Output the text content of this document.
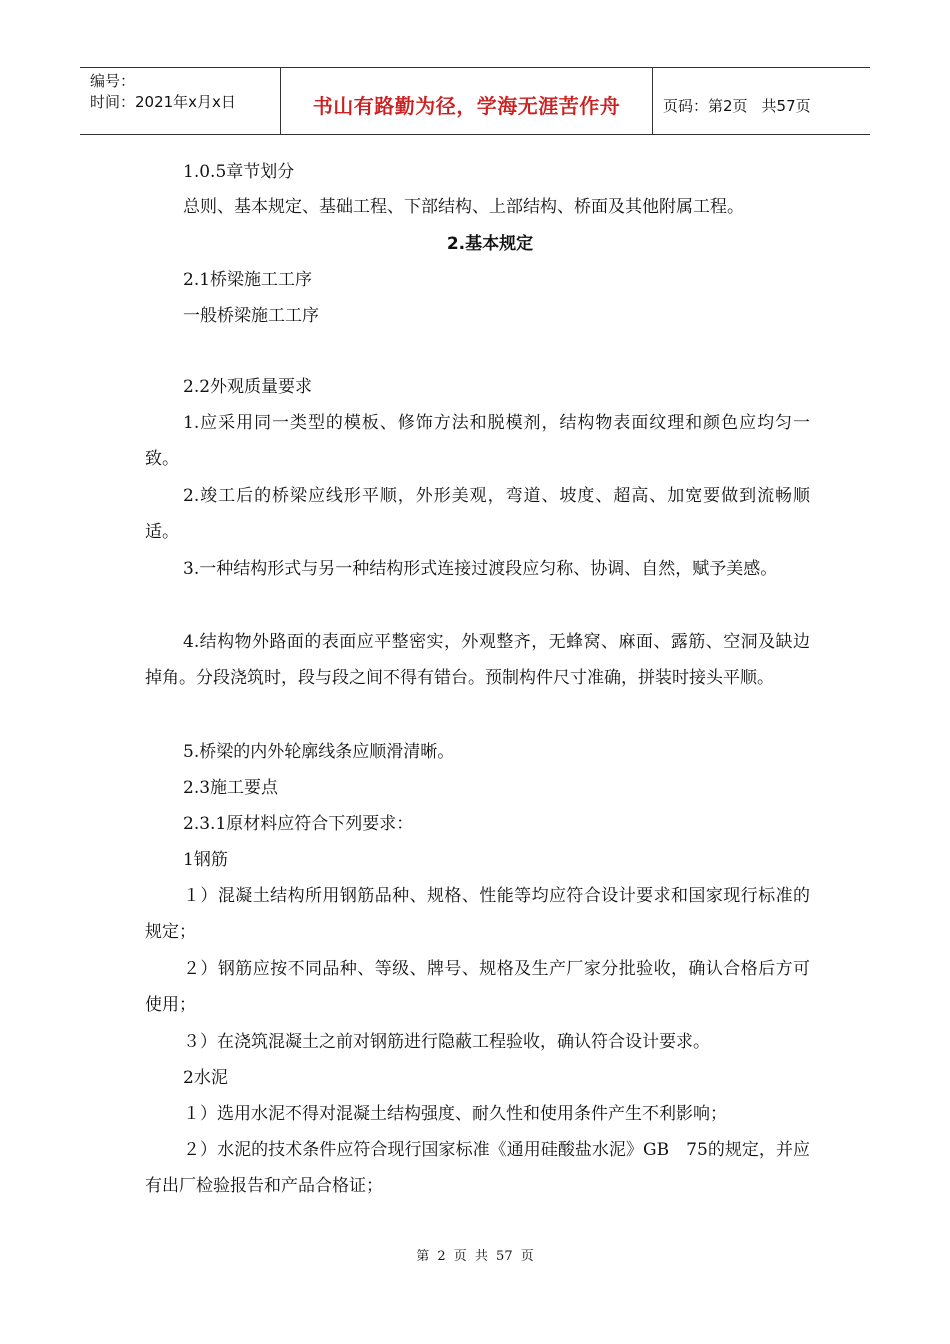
编号：
时间：2021年x月x日	书山有路勤为径，学海无涯苦作舟	页码：第2页 共57页
1.0.5章节划分
总则、基本规定、基础工程、下部结构、上部结构、桥面及其他附属工程。
2.基本规定
2.1桥梁施工工序
一般桥梁施工工序
2.2外观质量要求
1.应采用同一类型的模板、修饰方法和脱模剂，结构物表面纹理和颜色应均匀一致。
2.竣工后的桥梁应线形平顺，外形美观，弯道、坡度、超高、加宽要做到流畅顺适。
3.一种结构形式与另一种结构形式连接过渡段应匀称、协调、自然，赋予美感。
4.结构物外路面的表面应平整密实，外观整齐，无蜂窝、麻面、露筋、空洞及缺边掉角。分段浇筑时，段与段之间不得有错台。预制构件尺寸准确，拼装时接头平顺。
5.桥梁的内外轮廓线条应顺滑清晰。
2.3施工要点
2.3.1原材料应符合下列要求：
1钢筋
１）混凝土结构所用钢筋品种、规格、性能等均应符合设计要求和国家现行标准的规定；
２）钢筋应按不同品种、等级、牌号、规格及生产厂家分批验收，确认合格后方可使用；
３）在浇筑混凝土之前对钢筋进行隐蔽工程验收，确认符合设计要求。
2水泥
１）选用水泥不得对混凝土结构强度、耐久性和使用条件产生不利影响；
２）水泥的技术条件应符合现行国家标准《通用硅酸盐水泥》GB　75的规定，并应有出厂检验报告和产品合格证；
第 2 页 共 57 页
